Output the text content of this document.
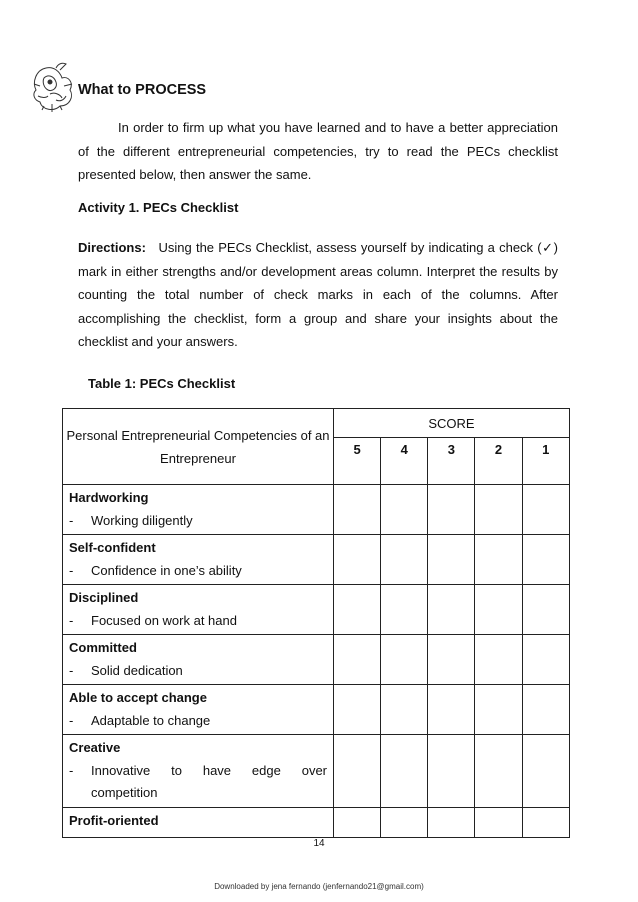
What to PROCESS
In order to firm up what you have learned and to have a better appreciation of the different entrepreneurial competencies, try to read the PECs checklist presented below, then answer the same.
Activity 1. PECs Checklist
Directions: Using the PECs Checklist, assess yourself by indicating a check (✓) mark in either strengths and/or development areas column. Interpret the results by counting the total number of check marks in each of the columns. After accomplishing the checklist, form a group and share your insights about the checklist and your answers.
Table 1: PECs Checklist
Personal Entrepreneurial Competencies of an Entrepreneur	SCORE				
	5	4	3	2	1

Hardworking
- Working diligently					

Self-confident
- Confidence in one’s ability					

Disciplined
- Focused on work at hand					

Committed
- Solid dedication					

Able to accept change
- Adaptable to change					

Creative
- Innovative to have edge over
competition					

Profit-oriented					

14
Downloaded by jena fernando (jenfernando21@gmail.com)
